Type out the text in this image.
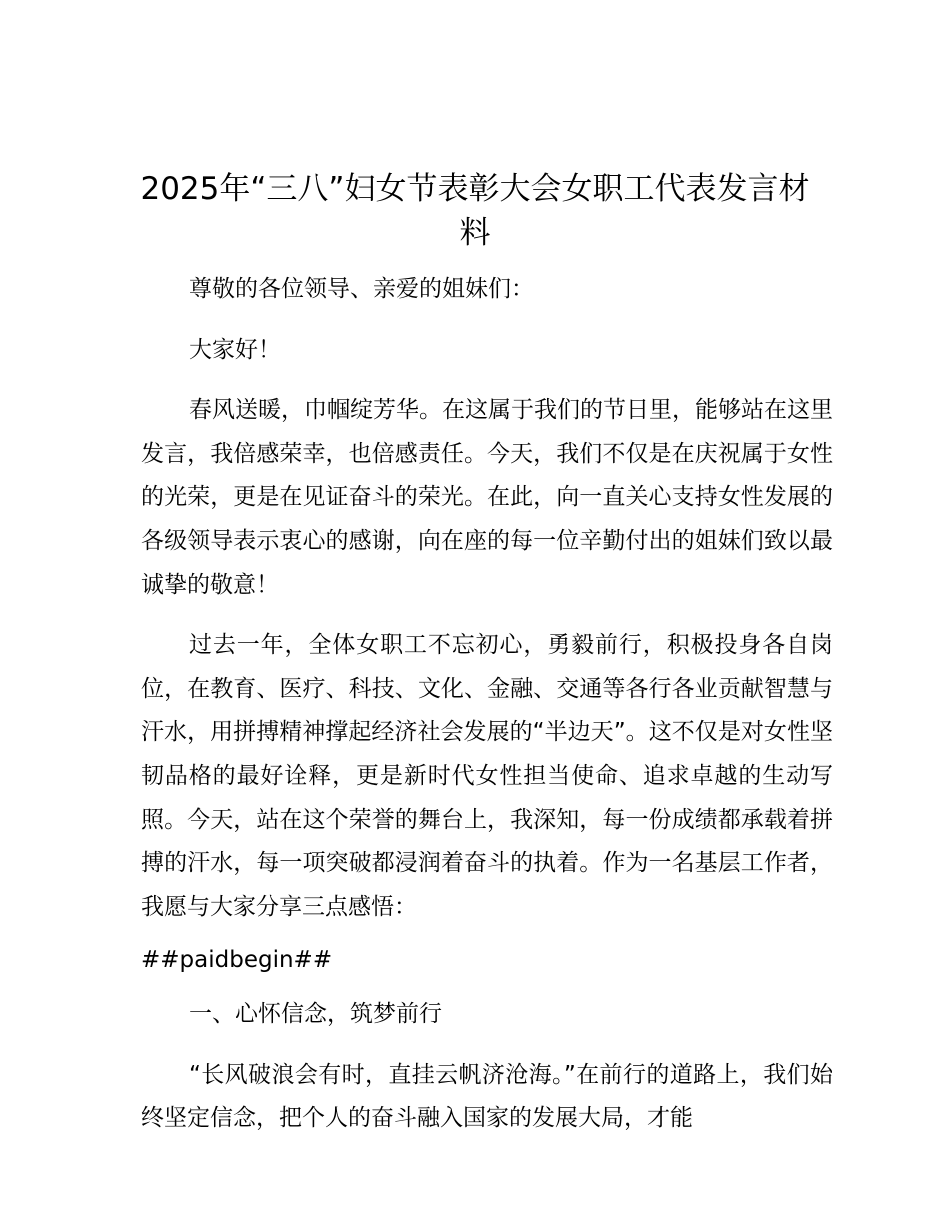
2025年“三八”妇女节表彰大会女职工代表发言材料

尊敬的各位领导、亲爱的姐妹们：

大家好！

春风送暖，巾帼绽芳华。在这属于我们的节日里，能够站在这里发言，我倍感荣幸，也倍感责任。今天，我们不仅是在庆祝属于女性的光荣，更是在见证奋斗的荣光。在此，向一直关心支持女性发展的各级领导表示衷心的感谢，向在座的每一位辛勤付出的姐妹们致以最诚挚的敬意！

过去一年，全体女职工不忘初心，勇毅前行，积极投身各自岗位，在教育、医疗、科技、文化、金融、交通等各行各业贡献智慧与汗水，用拼搏精神撑起经济社会发展的“半边天”。这不仅是对女性坚韧品格的最好诠释，更是新时代女性担当使命、追求卓越的生动写照。今天，站在这个荣誉的舞台上，我深知，每一份成绩都承载着拼搏的汗水，每一项突破都浸润着奋斗的执着。作为一名基层工作者，我愿与大家分享三点感悟：

##paidbegin##

一、心怀信念，筑梦前行

“长风破浪会有时，直挂云帆济沧海。”在前行的道路上，我们始终坚定信念，把个人的奋斗融入国家的发展大局，才能
